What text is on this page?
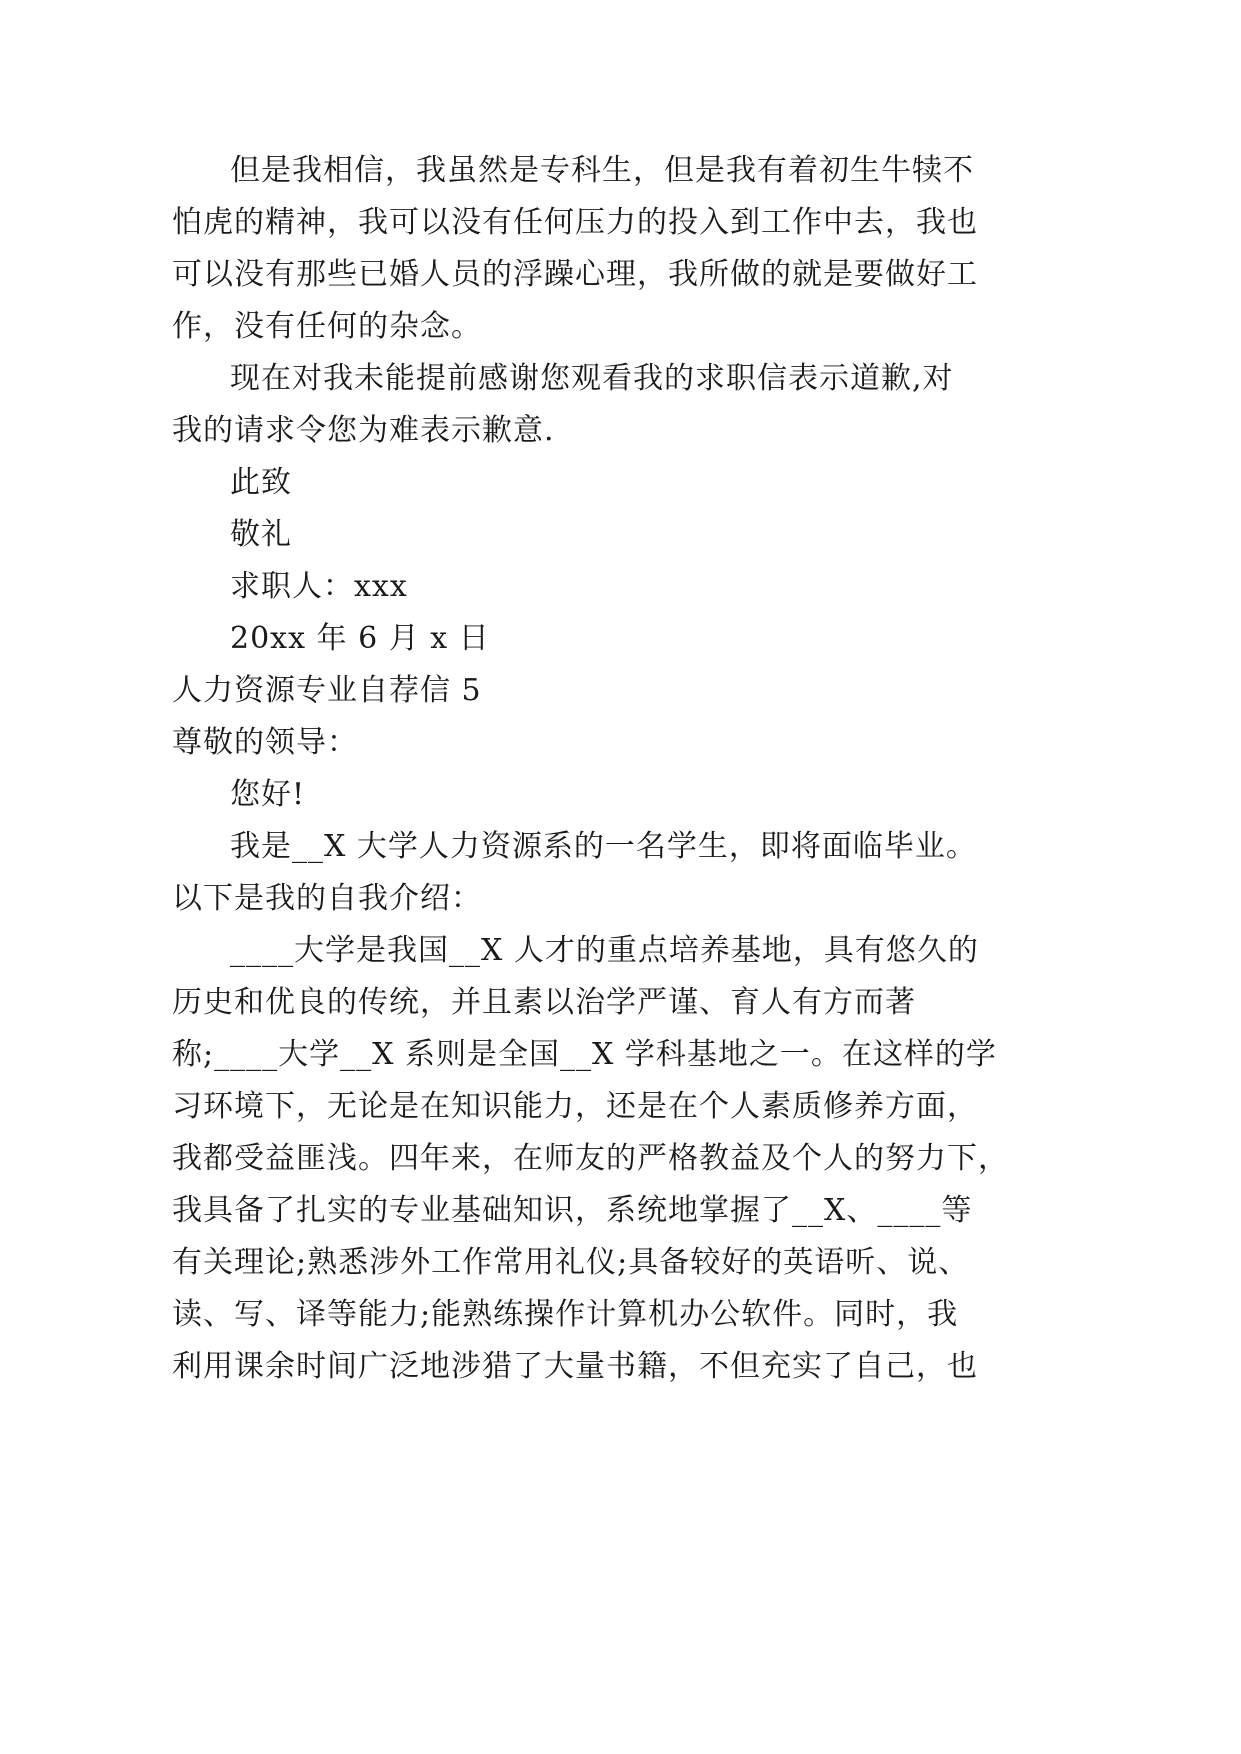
但是我相信，我虽然是专科生，但是我有着初生牛犊不
怕虎的精神，我可以没有任何压力的投入到工作中去，我也
可以没有那些已婚人员的浮躁心理，我所做的就是要做好工
作，没有任何的杂念。
现在对我未能提前感谢您观看我的求职信表示道歉,对
我的请求令您为难表示歉意.
此致
敬礼
求职人：xxx
20xx 年 6 月 x 日
人力资源专业自荐信 5
尊敬的领导：
您好!
我是__X 大学人力资源系的一名学生，即将面临毕业。
以下是我的自我介绍：
____大学是我国__X 人才的重点培养基地，具有悠久的
历史和优良的传统，并且素以治学严谨、育人有方而著
称;____大学__X 系则是全国__X 学科基地之一。在这样的学
习环境下，无论是在知识能力，还是在个人素质修养方面，
我都受益匪浅。四年来，在师友的严格教益及个人的努力下，
我具备了扎实的专业基础知识，系统地掌握了__X、____等
有关理论;熟悉涉外工作常用礼仪;具备较好的英语听、说、
读、写、译等能力;能熟练操作计算机办公软件。同时，我
利用课余时间广泛地涉猎了大量书籍，不但充实了自己，也
